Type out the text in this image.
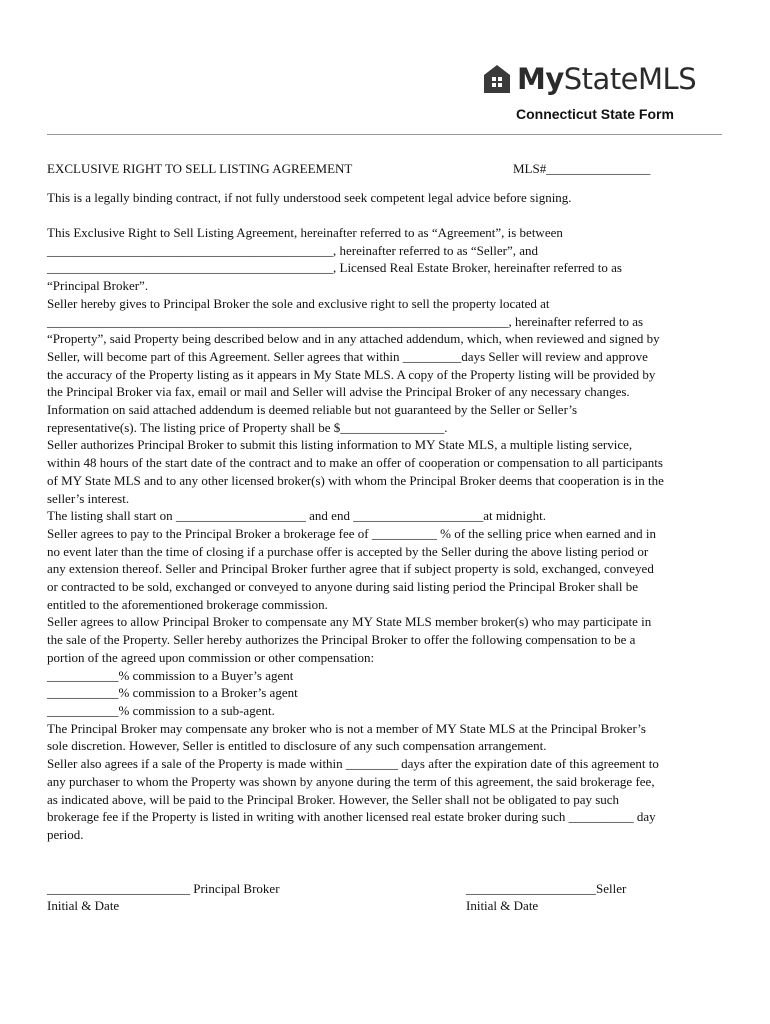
MyStateMLS
Connecticut State Form
EXCLUSIVE RIGHT TO SELL LISTING AGREEMENT	MLS#________________
This is a legally binding contract, if not fully understood seek competent legal advice before signing.

This Exclusive Right to Sell Listing Agreement, hereinafter referred to as “Agreement”, is between

____________________________________________, hereinafter referred to as “Seller”, and

____________________________________________, Licensed Real Estate Broker, hereinafter referred to as

“Principal Broker”.

Seller hereby gives to Principal Broker the sole and exclusive right to sell the property located at

_______________________________________________________________________, hereinafter referred to as

“Property”, said Property being described below and in any attached addendum, which, when reviewed and signed by

Seller, will become part of this Agreement. Seller agrees that within _________days Seller will review and approve

the accuracy of the Property listing as it appears in My State MLS. A copy of the Property listing will be provided by

the Principal Broker via fax, email or mail and Seller will advise the Principal Broker of any necessary changes.

Information on said attached addendum is deemed reliable but not guaranteed by the Seller or Seller’s

representative(s). The listing price of Property shall be $________________.

Seller authorizes Principal Broker to submit this listing information to MY State MLS, a multiple listing service,

within 48 hours of the start date of the contract and to make an offer of cooperation or compensation to all participants

of MY State MLS and to any other licensed broker(s) with whom the Principal Broker deems that cooperation is in the

seller’s interest.

The listing shall start on ____________________ and end ____________________at midnight.

Seller agrees to pay to the Principal Broker a brokerage fee of __________ % of the selling price when earned and in

no event later than the time of closing if a purchase offer is accepted by the Seller during the above listing period or

any extension thereof. Seller and Principal Broker further agree that if subject property is sold, exchanged, conveyed

or contracted to be sold, exchanged or conveyed to anyone during said listing period the Principal Broker shall be

entitled to the aforementioned brokerage commission.

Seller agrees to allow Principal Broker to compensate any MY State MLS member broker(s) who may participate in

the sale of the Property. Seller hereby authorizes the Principal Broker to offer the following compensation to be a

portion of the agreed upon commission or other compensation:

___________% commission to a Buyer’s agent

___________% commission to a Broker’s agent

___________% commission to a sub-agent.

The Principal Broker may compensate any broker who is not a member of MY State MLS at the Principal Broker’s

sole discretion. However, Seller is entitled to disclosure of any such compensation arrangement.

Seller also agrees if a sale of the Property is made within ________ days after the expiration date of this agreement to

any purchaser to whom the Property was shown by anyone during the term of this agreement, the said brokerage fee,

as indicated above, will be paid to the Principal Broker. However, the Seller shall not be obligated to pay such

brokerage fee if the Property is listed in writing with another licensed real estate broker during such __________ day

period.

______________________ Principal Broker
Initial & Date
____________________Seller
Initial & Date
